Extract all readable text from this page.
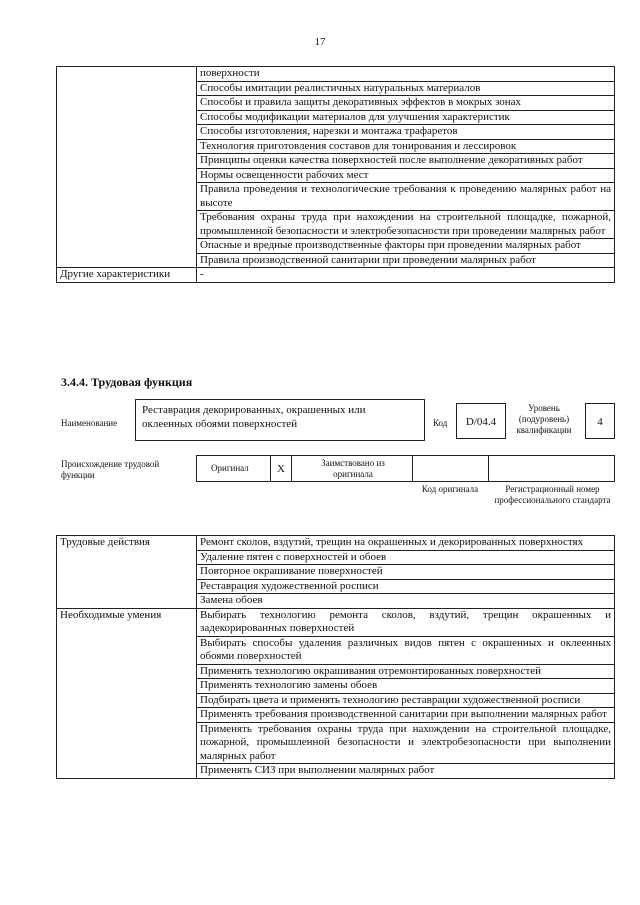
17
	поверхности
	Способы имитации реалистичных натуральных материалов
	Способы и правила защиты декоративных эффектов в мокрых зонах
	Способы модификации материалов для улучшения характеристик
	Способы изготовления, нарезки и монтажа трафаретов
	Технология приготовления составов для тонирования и лессировок
	Принципы оценки качества поверхностей после выполнение декоративных работ
	Нормы освещенности рабочих мест
	Правила проведения и технологические требования к проведению малярных работ на высоте
	Требования охраны труда при нахождении на строительной площадке, пожарной, промышленной безопасности и электробезопасности при проведении малярных работ
	Опасные и вредные производственные факторы при проведении малярных работ
	Правила производственной санитарии при проведении малярных работ
Другие характеристики	-
3.4.4. Трудовая функция
Наименование
Реставрация декорированных, окрашенных или оклеенных обоями поверхностей	Код	D/04.4
Уровень (подуровень) квалификации
4
Происхождение трудовой функции
Оригинал	X	Заимствовано из оригинала
Код оригинала	Регистрационный номер профессионального стандарта
Трудовые действия	Ремонт сколов, вздутий, трещин на окрашенных и декорированных поверхностях
	Удаление пятен с поверхностей и обоев
	Повторное окрашивание поверхностей
	Реставрация художественной росписи
	Замена обоев
Необходимые умения	Выбирать технологию ремонта сколов, вздутий, трещин окрашенных и задекорированных поверхностей
	Выбирать способы удаления различных видов пятен с окрашенных и оклеенных обоями поверхностей
	Применять технологию окрашивания отремонтированных поверхностей
	Применять технологию замены обоев
	Подбирать цвета и применять технологию реставрации художественной росписи
	Применять требования производственной санитарии при выполнении малярных работ
	Применять требования охраны труда при нахождении на строительной площадке, пожарной, промышленной безопасности и электробезопасности при выполнении малярных работ
	Применять СИЗ при выполнении малярных работ
